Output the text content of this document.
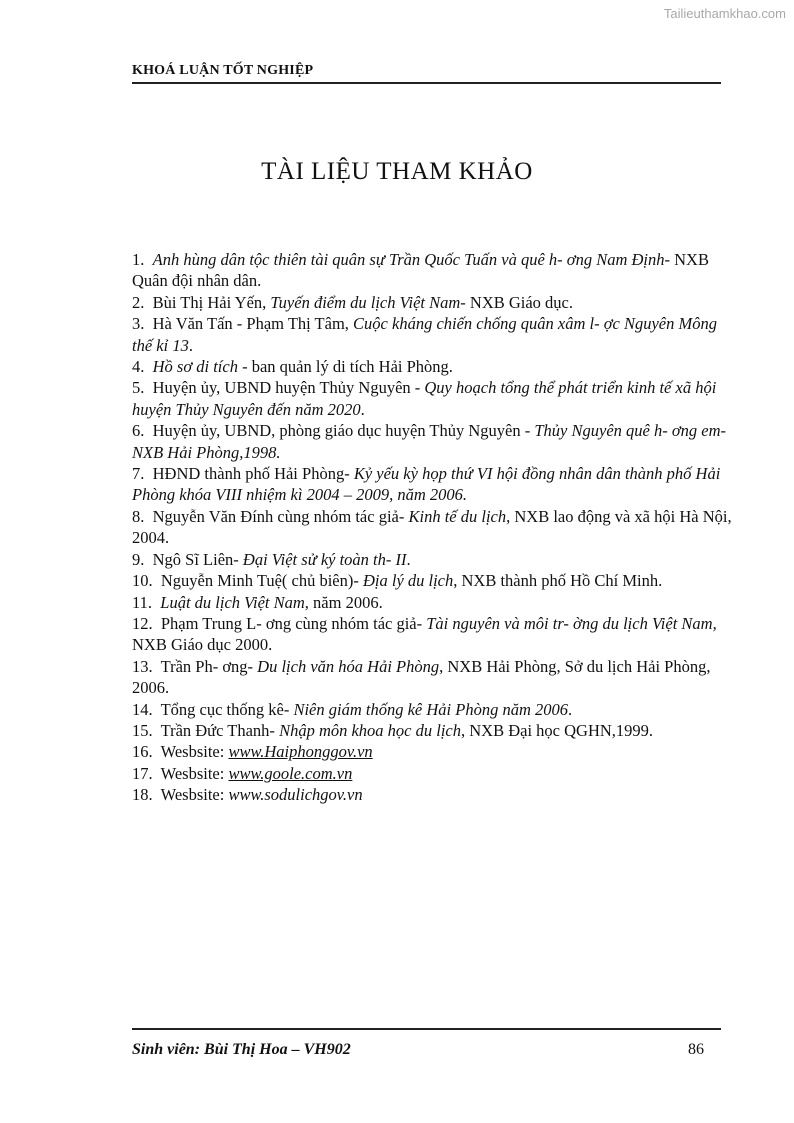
Tailieuthamkhao.com
KHOÁ LUẬN TỐT NGHIỆP
TÀI LIỆU THAM KHẢO

1. Anh hùng dân tộc thiên tài quân sự Trần Quốc Tuấn và quê h- ơng Nam Định- NXB Quân đội nhân dân.

2. Bùi Thị Hải Yến, Tuyến điểm du lịch Việt Nam- NXB Giáo dục.

3. Hà Văn Tấn - Phạm Thị Tâm, Cuộc kháng chiến chống quân xâm l- ợc Nguyên Mông thế kỉ 13.

4. Hồ sơ di tích - ban quản lý di tích Hải Phòng.

5. Huyện ủy, UBND huyện Thủy Nguyên - Quy hoạch tổng thể phát triển kinh tế xã hội huyện Thủy Nguyên đến năm 2020.

6. Huyện ủy, UBND, phòng giáo dục huyện Thủy Nguyên - Thủy Nguyên quê h- ơng em- NXB Hải Phòng,1998.

7. HĐND thành phố Hải Phòng- Kỷ yếu kỳ họp thứ VI hội đồng nhân dân thành phố Hải Phòng khóa VIII nhiệm kì 2004 – 2009, năm 2006.

8. Nguyễn Văn Đính cùng nhóm tác giả- Kinh tế du lịch, NXB lao động và xã hội Hà Nội, 2004.

9. Ngô Sĩ Liên- Đại Việt sử ký toàn th- II.

10. Nguyễn Minh Tuệ( chủ biên)- Địa lý du lịch, NXB thành phố Hồ Chí Minh.

11. Luật du lịch Việt Nam, năm 2006.

12. Phạm Trung L- ơng cùng nhóm tác giả- Tài nguyên và môi tr- ờng du lịch Việt Nam, NXB Giáo dục 2000.

13. Trần Ph- ơng- Du lịch văn hóa Hải Phòng, NXB Hải Phòng, Sở du lịch Hải Phòng, 2006.

14. Tổng cục thống kê- Niên giám thống kê Hải Phòng năm 2006.

15. Trần Đức Thanh- Nhập môn khoa học du lịch, NXB Đại học QGHN,1999.

16. Wesbsite: www.Haiphonggov.vn

17. Wesbsite: www.goole.com.vn

18. Wesbsite: www.sodulichgov.vn

Sinh viên: Bùi Thị Hoa – VH902	86
